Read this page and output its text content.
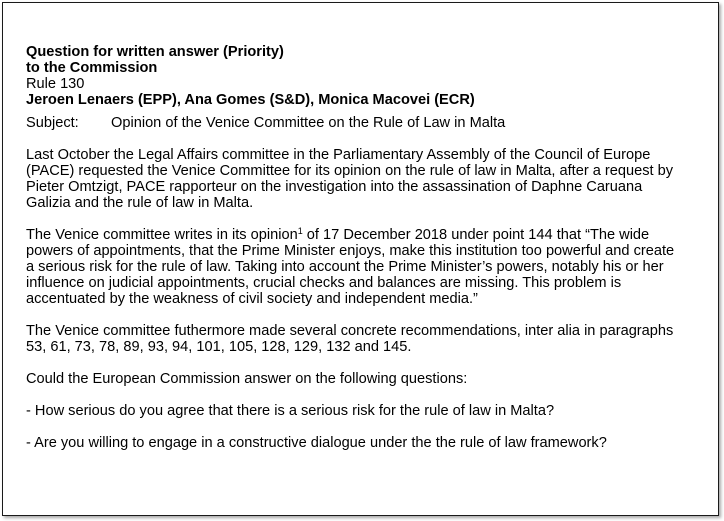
Question for written answer (Priority)
to the Commission
Rule 130
Jeroen Lenaers (EPP), Ana Gomes (S&D), Monica Macovei (ECR)
Subject: Opinion of the Venice Committee on the Rule of Law in Malta

Last October the Legal Affairs committee in the Parliamentary Assembly of the Council of Europe
(PACE) requested the Venice Committee for its opinion on the rule of law in Malta, after a request by
Pieter Omtzigt, PACE rapporteur on the investigation into the assassination of Daphne Caruana
Galizia and the rule of law in Malta.

The Venice committee writes in its opinion$^1$ of 17 December 2018 under point 144 that “The wide
powers of appointments, that the Prime Minister enjoys, make this institution too powerful and create
a serious risk for the rule of law. Taking into account the Prime Minister’s powers, notably his or her
influence on judicial appointments, crucial checks and balances are missing. This problem is
accentuated by the weakness of civil society and independent media.”

The Venice committee futhermore made several concrete recommendations, inter alia in paragraphs
53, 61, 73, 78, 89, 93, 94, 101, 105, 128, 129, 132 and 145.

Could the European Commission answer on the following questions:

- How serious do you agree that there is a serious risk for the rule of law in Malta?

- Are you willing to engage in a constructive dialogue under the the rule of law framework?
